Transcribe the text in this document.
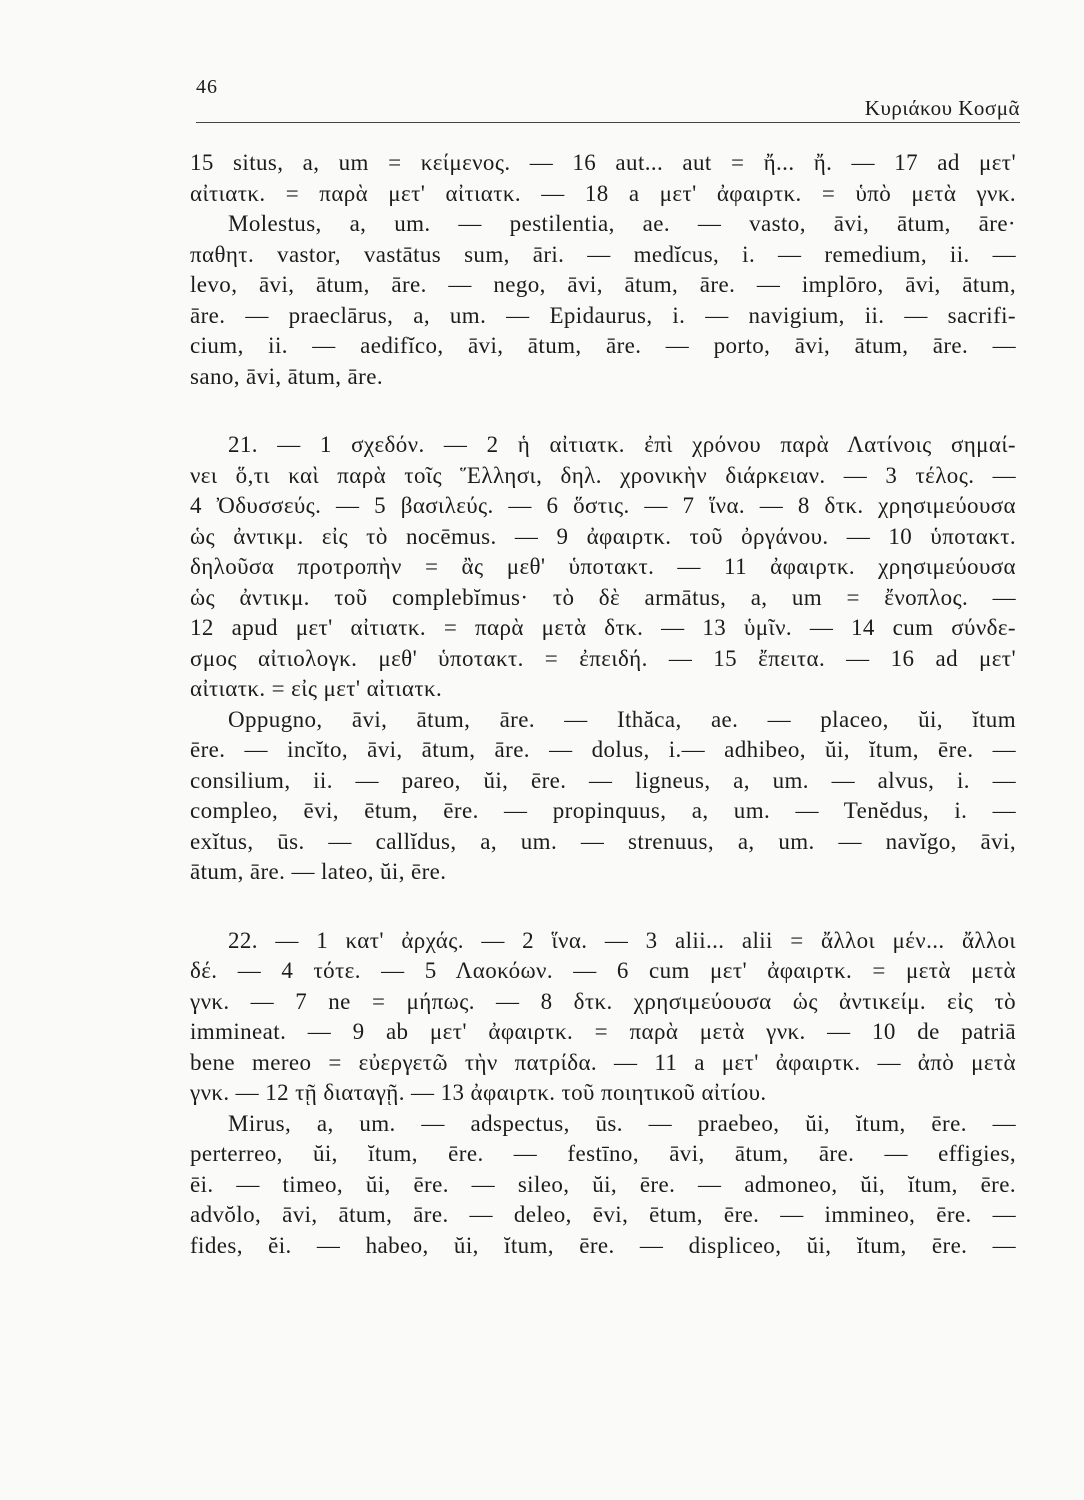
46
Κυριάκου Κοσμᾶ
15 situs, a, um = κείμενος. — 16 aut... aut = ἤ... ἤ. — 17 ad μετ'
αἰτιατκ. = παρὰ μετ' αἰτιατκ. — 18 a μετ' ἀφαιρτκ. = ὑπὸ μετὰ γνκ.
Molestus, a, um. — pestilentia, ae. — vasto, āvi, ātum, āre·
παθητ. vastor, vastātus sum, āri. — medĭcus, i. — remedium, ii. —
levo, āvi, ātum, āre. — nego, āvi, ātum, āre. — implōro, āvi, ātum,
āre. — praeclārus, a, um. — Epidaurus, i. — navigium, ii. — sacrifi-
cium, ii. — aedifĭco, āvi, ātum, āre. — porto, āvi, ātum, āre. —
sano, āvi, ātum, āre.
21. — 1 σχεδόν. — 2 ἡ αἰτιατκ. ἐπὶ χρόνου παρὰ Λατίνοις σημαί-
νει ὅ,τι καὶ παρὰ τοῖς Ἕλλησι, δηλ. χρονικὴν διάρκειαν. — 3 τέλος. —
4 Ὀδυσσεύς. — 5 βασιλεύς. — 6 ὅστις. — 7 ἵνα. — 8 δτκ. χρησιμεύουσα
ὡς ἀντικμ. εἰς τὸ nocēmus. — 9 ἀφαιρτκ. τοῦ ὀργάνου. — 10 ὑποτακτ.
δηλοῦσα προτροπὴν = ἂς μεθ' ὑποτακτ. — 11 ἀφαιρτκ. χρησιμεύουσα
ὡς ἀντικμ. τοῦ complebĭmus· τὸ δὲ armātus, a, um = ἔνοπλος. —
12 apud μετ' αἰτιατκ. = παρὰ μετὰ δτκ. — 13 ὑμῖν. — 14 cum σύνδε-
σμος αἰτιολογκ. μεθ' ὑποτακτ. = ἐπειδή. — 15 ἔπειτα. — 16 ad μετ'
αἰτιατκ. = εἰς μετ' αἰτιατκ.
Oppugno, āvi, ātum, āre. — Ithăca, ae. — placeo, ŭi, ĭtum
ēre. — incĭto, āvi, ātum, āre. — dolus, i.— adhibeo, ŭi, ĭtum, ēre. —
consilium, ii. — pareo, ŭi, ēre. — ligneus, a, um. — alvus, i. —
compleo, ēvi, ētum, ēre. — propinquus, a, um. — Tenĕdus, i. —
exĭtus, ūs. — callĭdus, a, um. — strenuus, a, um. — navĭgo, āvi,
ātum, āre. — lateo, ŭi, ēre.
22. — 1 κατ' ἀρχάς. — 2 ἵνα. — 3 alii... alii = ἄλλοι μέν... ἄλλοι
δέ. — 4 τότε. — 5 Λαοκόων. — 6 cum μετ' ἀφαιρτκ. = μετὰ μετὰ
γνκ. — 7 ne = μήπως. — 8 δτκ. χρησιμεύουσα ὡς ἀντικείμ. εἰς τὸ
immineat. — 9 ab μετ' ἀφαιρτκ. = παρὰ μετὰ γνκ. — 10 de patriā
bene mereo = εὐεργετῶ τὴν πατρίδα. — 11 a μετ' ἀφαιρτκ. — ἀπὸ μετὰ
γνκ. — 12 τῇ διαταγῇ. — 13 ἀφαιρτκ. τοῦ ποιητικοῦ αἰτίου.
Mirus, a, um. — adspectus, ūs. — praebeo, ŭi, ĭtum, ēre. —
perterreo, ŭi, ĭtum, ēre. — festīno, āvi, ātum, āre. — effigies,
ēi. — timeo, ŭi, ēre. — sileo, ŭi, ēre. — admoneo, ŭi, ĭtum, ēre.
advŏlo, āvi, ātum, āre. — deleo, ēvi, ētum, ēre. — immineo, ēre. —
fides, ĕi. — habeo, ŭi, ĭtum, ēre. — displiceo, ŭi, ĭtum, ēre. —
